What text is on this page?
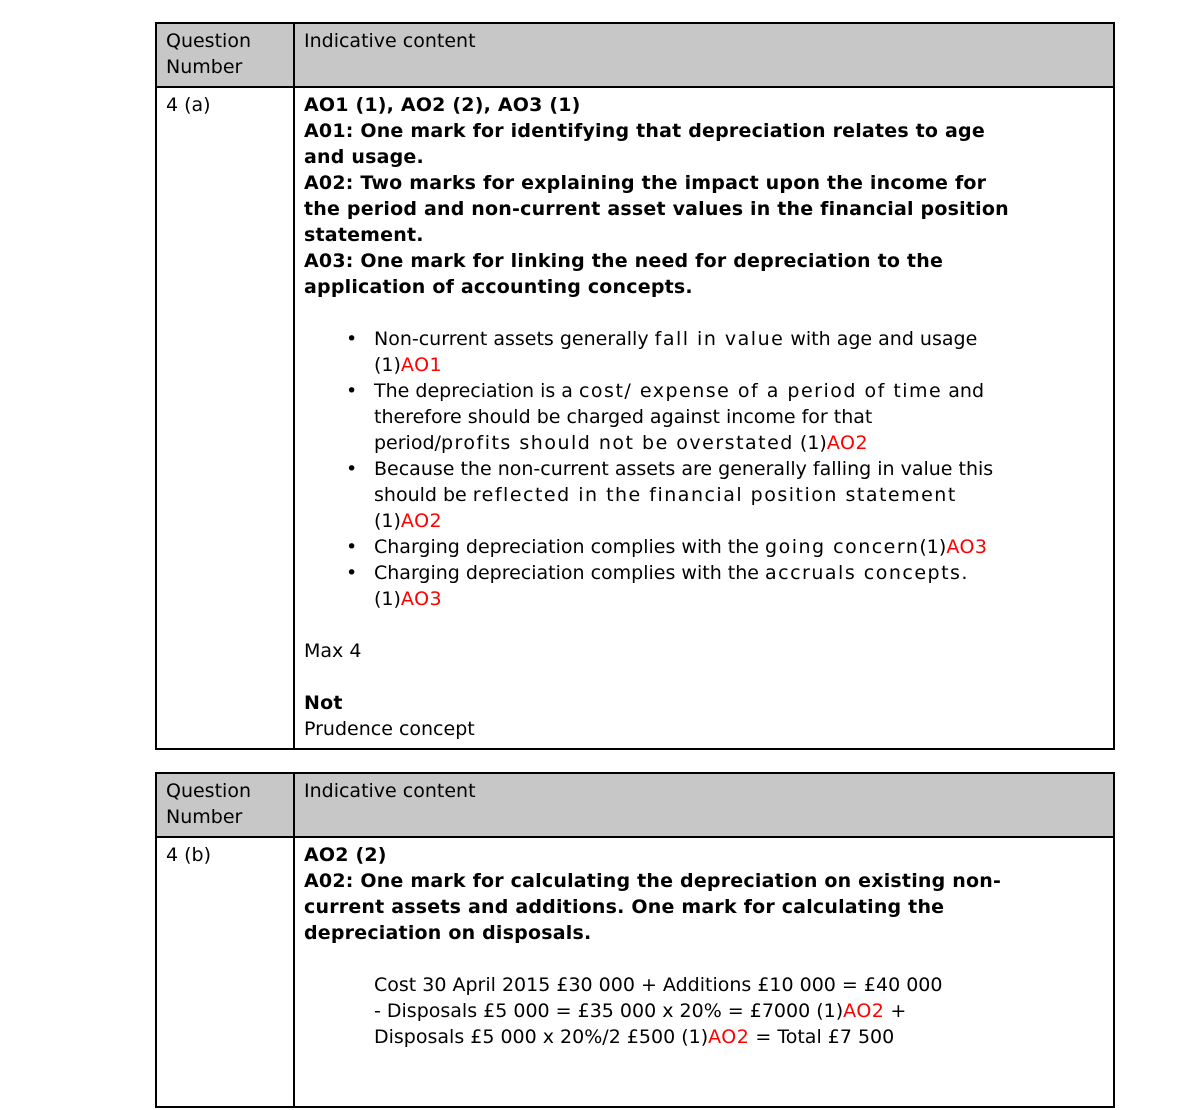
Question Number	Indicative content
4 (a)	AO1 (1), AO2 (2), AO3 (1)
A01: One mark for identifying that depreciation relates to age
and usage.
A02: Two marks for explaining the impact upon the income for
the period and non-current asset values in the financial position
statement.
A03: One mark for linking the need for depreciation to the
application of accounting concepts.
• Non-current assets generally fall in value with age and usage
(1)AO1
• The depreciation is a cost/ expense of a period of time and
therefore should be charged against income for that
period/profits should not be overstated (1)AO2
• Because the non-current assets are generally falling in value this
should be reflected in the financial position statement
(1)AO2
• Charging depreciation complies with the going concern(1)AO3
• Charging depreciation complies with the accruals concepts.
(1)AO3
Max 4
Not
Prudence concept
Question Number	Indicative content
4 (b)	AO2 (2)
A02: One mark for calculating the depreciation on existing non-
current assets and additions. One mark for calculating the
depreciation on disposals.
Cost 30 April 2015 £30 000 + Additions £10 000 = £40 000
- Disposals £5 000 = £35 000 x 20% = £7000 (1)AO2 +
Disposals £5 000 x 20%/2 £500 (1)AO2 = Total £7 500
